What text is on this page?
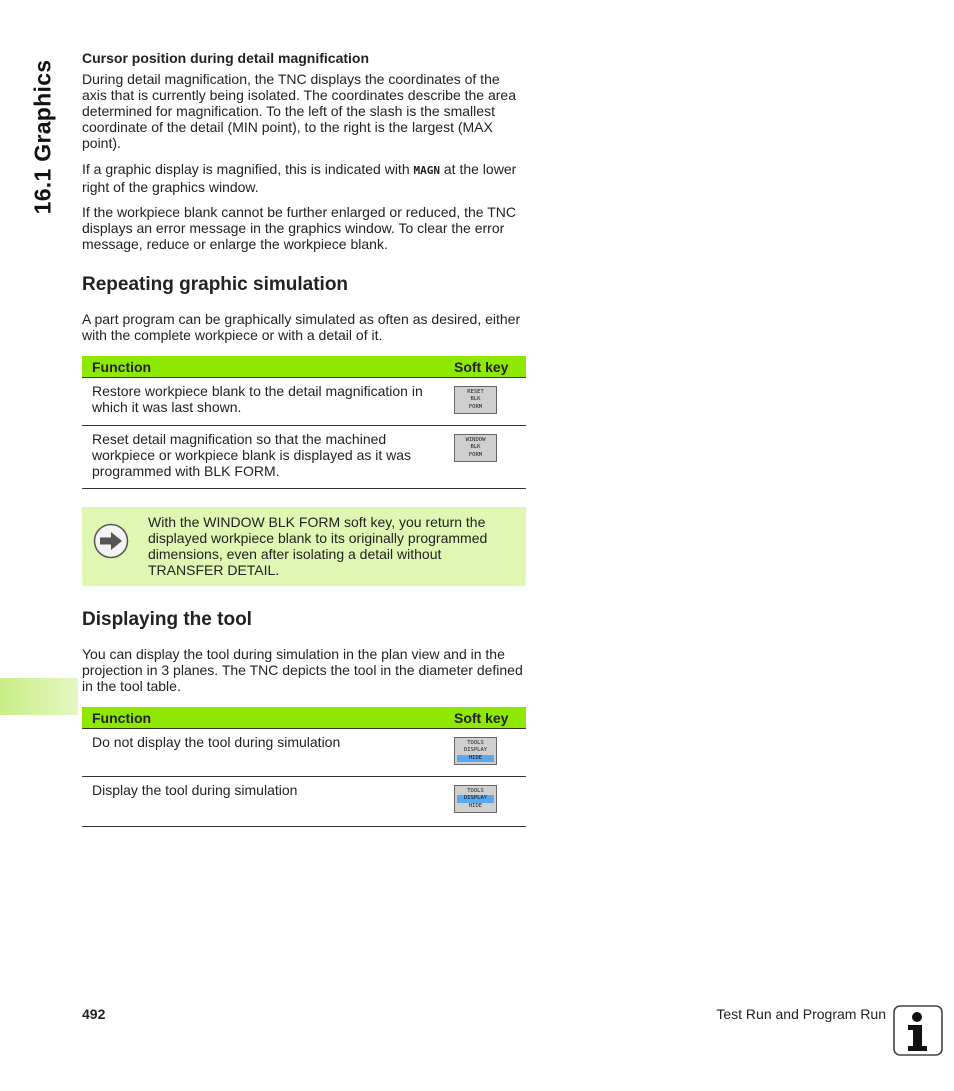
16.1 Graphics
Cursor position during detail magnification

During detail magnification, the TNC displays the coordinates of the axis that is currently being isolated. The coordinates describe the area determined for magnification. To the left of the slash is the smallest coordinate of the detail (MIN point), to the right is the largest (MAX point).

If a graphic display is magnified, this is indicated with MAGN at the lower right of the graphics window.

If the workpiece blank cannot be further enlarged or reduced, the TNC displays an error message in the graphics window. To clear the error message, reduce or enlarge the workpiece blank.

Repeating graphic simulation

A part program can be graphically simulated as often as desired, either with the complete workpiece or with a detail of it.

Function	Soft key
Restore workpiece blank to the detail magnification in which it was last shown.	RESET
BLK
FORM

Reset detail magnification so that the machined workpiece or workpiece blank is displayed as it was programmed with BLK FORM.	WINDOW
BLK
FORM
With the WINDOW BLK FORM soft key, you return the displayed workpiece blank to its originally programmed dimensions, even after isolating a detail without TRANSFER DETAIL.
Displaying the tool

You can display the tool during simulation in the plan view and in the projection in 3 planes. The TNC depicts the tool in the diameter defined in the tool table.

Function	Soft key
Do not display the tool during simulation	TOOLS
DISPLAY
HIDE

Display the tool during simulation	TOOLS
DISPLAY
HIDE
492	Test Run and Program Run
